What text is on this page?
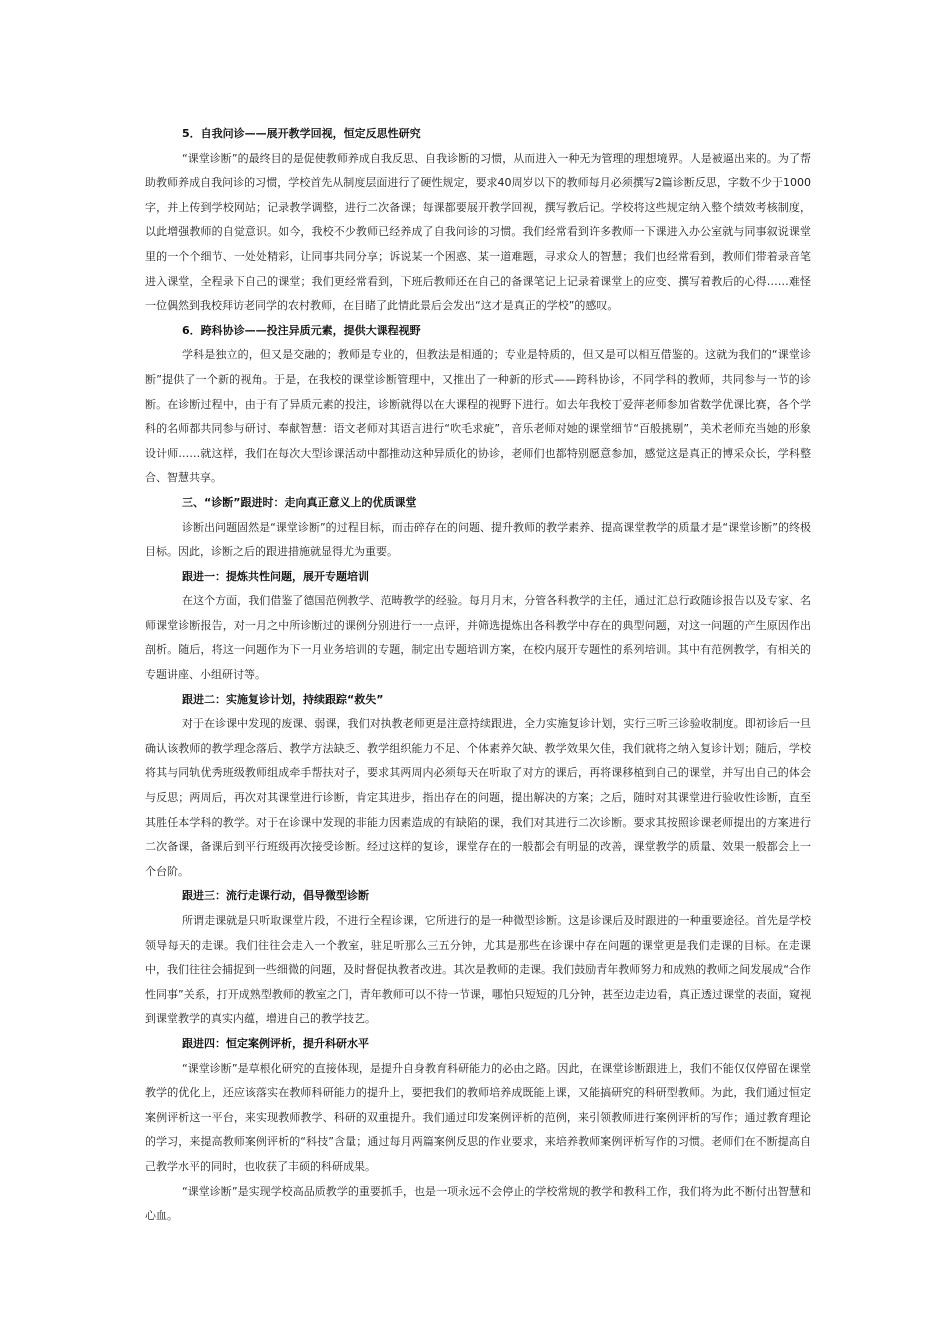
5．自我问诊——展开教学回视，恒定反思性研究

“课堂诊断”的最终目的是促使教师养成自我反思、自我诊断的习惯，从而进入一种无为管理的理想境界。人是被逼出来的。为了帮助教师养成自我问诊的习惯，学校首先从制度层面进行了硬性规定，要求40周岁以下的教师每月必须撰写2篇诊断反思，字数不少于1000字，并上传到学校网站；记录教学调整，进行二次备课；每课都要展开教学回视，撰写教后记。学校将这些规定纳入整个绩效考核制度，以此增强教师的自觉意识。如今，我校不少教师已经养成了自我问诊的习惯。我们经常看到许多教师一下课进入办公室就与同事叙说课堂里的一个个细节、一处处精彩，让同事共同分享；诉说某一个困惑、某一道难题，寻求众人的智慧；我们也经常看到，教师们带着录音笔进入课堂，全程录下自己的课堂；我们更经常看到，下班后教师还在自己的备课笔记上记录着课堂上的应变、撰写着教后的心得……难怪一位偶然到我校拜访老同学的农村教师，在目睹了此情此景后会发出“这才是真正的学校”的感叹。

6．跨科协诊——投注异质元素，提供大课程视野

学科是独立的，但又是交融的；教师是专业的，但教法是相通的；专业是特质的，但又是可以相互借鉴的。这就为我们的“课堂诊断”提供了一个新的视角。于是，在我校的课堂诊断管理中，又推出了一种新的形式——跨科协诊，不同学科的教师，共同参与一节的诊断。在诊断过程中，由于有了异质元素的投注，诊断就得以在大课程的视野下进行。如去年我校丁爱萍老师参加省数学优课比赛，各个学科的名师都共同参与研讨、奉献智慧：语文老师对其语言进行“吹毛求疵”，音乐老师对她的课堂细节“百般挑剔”，美术老师充当她的形象设计师……就这样，我们在每次大型诊课活动中都推动这种异质化的协诊，老师们也都特别愿意参加，感觉这是真正的博采众长，学科整合、智慧共享。

三、“诊断”跟进时：走向真正意义上的优质课堂

诊断出问题固然是“课堂诊断”的过程目标，而击碎存在的问题、提升教师的教学素养、提高课堂教学的质量才是“课堂诊断”的终极目标。因此，诊断之后的跟进措施就显得尤为重要。

跟进一：提炼共性问题，展开专题培训

在这个方面，我们借鉴了德国范例教学、范畴教学的经验。每月月末，分管各科教学的主任，通过汇总行政随诊报告以及专家、名师课堂诊断报告，对一月之中所诊断过的课例分别进行一一点评，并筛选提炼出各科教学中存在的典型问题，对这一问题的产生原因作出剖析。随后，将这一问题作为下一月业务培训的专题，制定出专题培训方案，在校内展开专题性的系列培训。其中有范例教学，有相关的专题讲座、小组研讨等。

跟进二：实施复诊计划，持续跟踪“救失”

对于在诊课中发现的废课、弱课，我们对执教老师更是注意持续跟进，全力实施复诊计划，实行三听三诊验收制度。即初诊后一旦确认该教师的教学理念落后、教学方法缺乏、教学组织能力不足、个体素养欠缺、教学效果欠佳，我们就将之纳入复诊计划；随后，学校将其与同轨优秀班级教师组成牵手帮扶对子，要求其两周内必须每天在听取了对方的课后，再将课移植到自己的课堂，并写出自己的体会与反思；两周后，再次对其课堂进行诊断，肯定其进步，指出存在的问题，提出解决的方案；之后，随时对其课堂进行验收性诊断，直至其胜任本学科的教学。对于在诊课中发现的非能力因素造成的有缺陷的课，我们对其进行二次诊断。要求其按照诊课老师提出的方案进行二次备课，备课后到平行班级再次接受诊断。经过这样的复诊，课堂存在的一般都会有明显的改善，课堂教学的质量、效果一般都会上一个台阶。

跟进三：流行走课行动，倡导微型诊断

所谓走课就是只听取课堂片段，不进行全程诊课，它所进行的是一种微型诊断。这是诊课后及时跟进的一种重要途径。首先是学校领导每天的走课。我们往往会走入一个教室，驻足听那么三五分钟，尤其是那些在诊课中存在问题的课堂更是我们走课的目标。在走课中，我们往往会捕捉到一些细微的问题，及时督促执教者改进。其次是教师的走课。我们鼓励青年教师努力和成熟的教师之间发展成“合作性同事”关系，打开成熟型教师的教室之门，青年教师可以不待一节课，哪怕只短短的几分钟，甚至边走边看，真正透过课堂的表面，窥视到课堂教学的真实内蕴，增进自己的教学技艺。

跟进四：恒定案例评析，提升科研水平

“课堂诊断”是草根化研究的直接体现，是提升自身教育科研能力的必由之路。因此，在课堂诊断跟进上，我们不能仅仅停留在课堂教学的优化上，还应该落实在教师科研能力的提升上，要把我们的教师培养成既能上课，又能搞研究的科研型教师。为此，我们通过恒定案例评析这一平台，来实现教师教学、科研的双重提升。我们通过印发案例评析的范例，来引领教师进行案例评析的写作；通过教育理论的学习，来提高教师案例评析的“科技”含量；通过每月两篇案例反思的作业要求，来培养教师案例评析写作的习惯。老师们在不断提高自己教学水平的同时，也收获了丰硕的科研成果。

“课堂诊断”是实现学校高品质教学的重要抓手，也是一项永远不会停止的学校常规的教学和教科工作，我们将为此不断付出智慧和心血。
